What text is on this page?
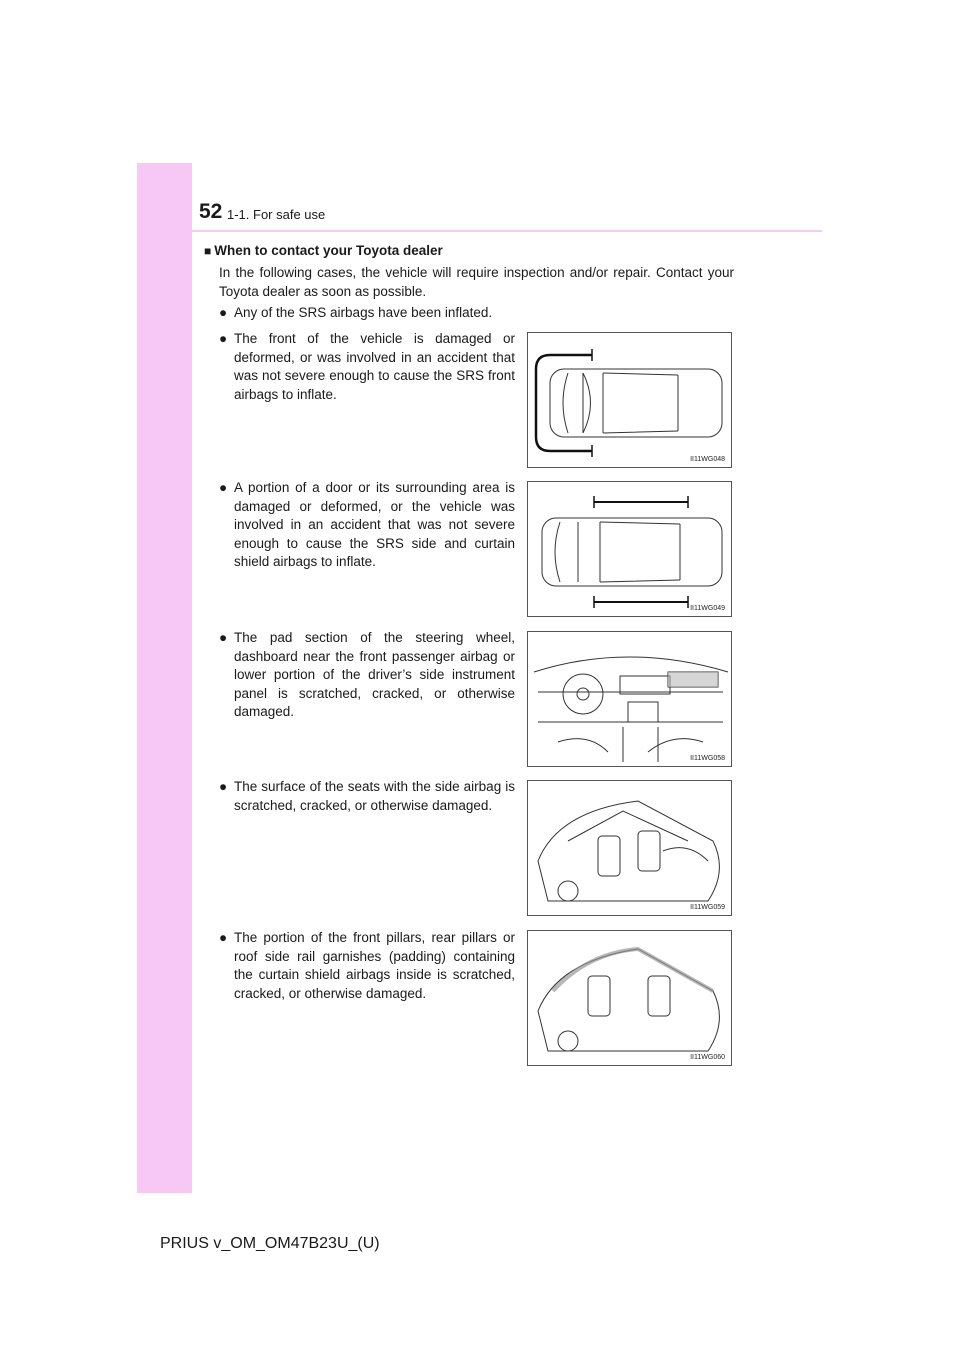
52 1-1. For safe use
■ When to contact your Toyota dealer

In the following cases, the vehicle will require inspection and/or repair. Contact your Toyota dealer as soon as possible.

● Any of the SRS airbags have been inflated.

● The front of the vehicle is damaged or deformed, or was involved in an accident that was not severe enough to cause the SRS front airbags to inflate.

II11WG048
● A portion of a door or its surrounding area is damaged or deformed, or the vehicle was involved in an accident that was not severe enough to cause the SRS side and curtain shield airbags to inflate.

II11WG049
● The pad section of the steering wheel, dashboard near the front passenger airbag or lower portion of the driver’s side instrument panel is scratched, cracked, or otherwise damaged.

II11WG058
● The surface of the seats with the side airbag is scratched, cracked, or otherwise damaged.

II11WG059
● The portion of the front pillars, rear pillars or roof side rail garnishes (padding) containing the curtain shield airbags inside is scratched, cracked, or otherwise damaged.

II11WG060
PRIUS v_OM_OM47B23U_(U)
